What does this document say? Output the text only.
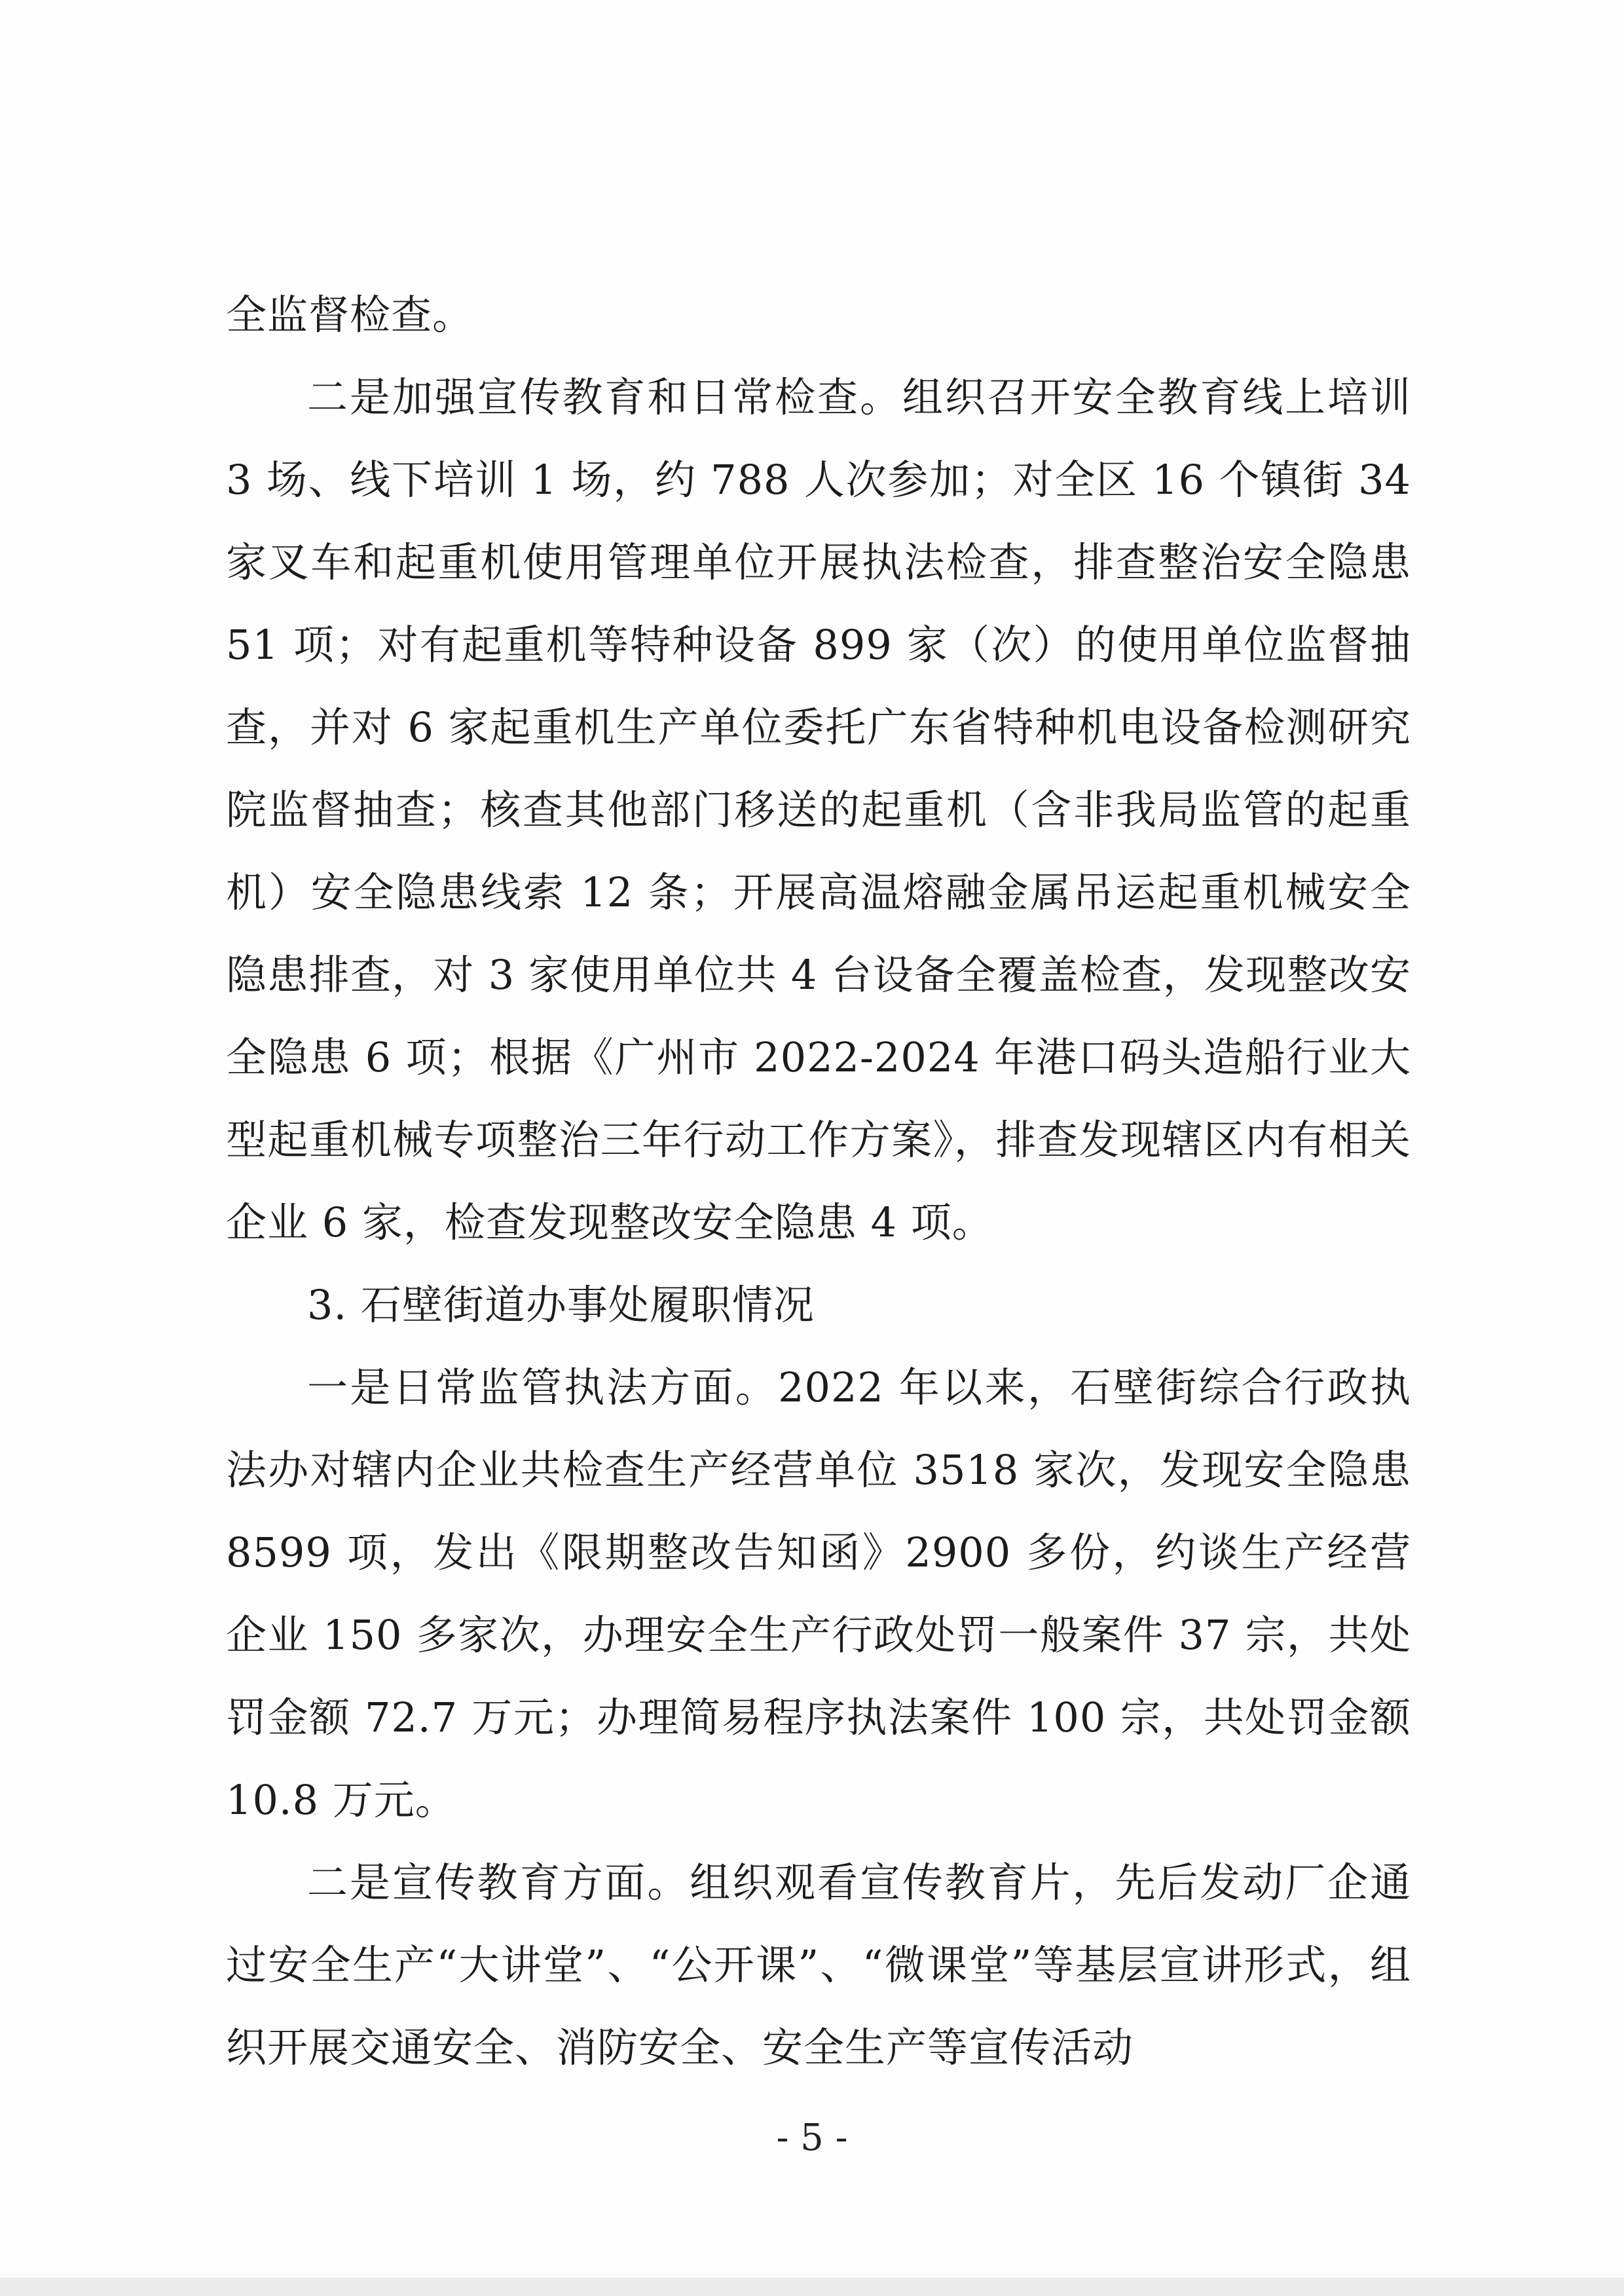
全监督检查。

二是加强宣传教育和日常检查。组织召开安全教育线上培训 3 场、线下培训 1 场，约 788 人次参加；对全区 16 个镇街 34 家叉车和起重机使用管理单位开展执法检查，排查整治安全隐患 51 项；对有起重机等特种设备 899 家（次）的使用单位监督抽查，并对 6 家起重机生产单位委托广东省特种机电设备检测研究院监督抽查；核查其他部门移送的起重机（含非我局监管的起重机）安全隐患线索 12 条；开展高温熔融金属吊运起重机械安全隐患排查，对 3 家使用单位共 4 台设备全覆盖检查，发现整改安全隐患 6 项；根据《广州市 2022-2024 年港口码头造船行业大型起重机械专项整治三年行动工作方案》，排查发现辖区内有相关企业 6 家，检查发现整改安全隐患 4 项。

3. 石壁街道办事处履职情况

一是日常监管执法方面。2022 年以来，石壁街综合行政执法办对辖内企业共检查生产经营单位 3518 家次，发现安全隐患 8599 项，发出《限期整改告知函》2900 多份，约谈生产经营企业 150 多家次，办理安全生产行政处罚一般案件 37 宗，共处罚金额 72.7 万元；办理简易程序执法案件 100 宗，共处罚金额 10.8 万元。

二是宣传教育方面。组织观看宣传教育片，先后发动厂企通过安全生产“大讲堂”、“公开课”、“微课堂”等基层宣讲形式，组织开展交通安全、消防安全、安全生产等宣传活动

- 5 -
